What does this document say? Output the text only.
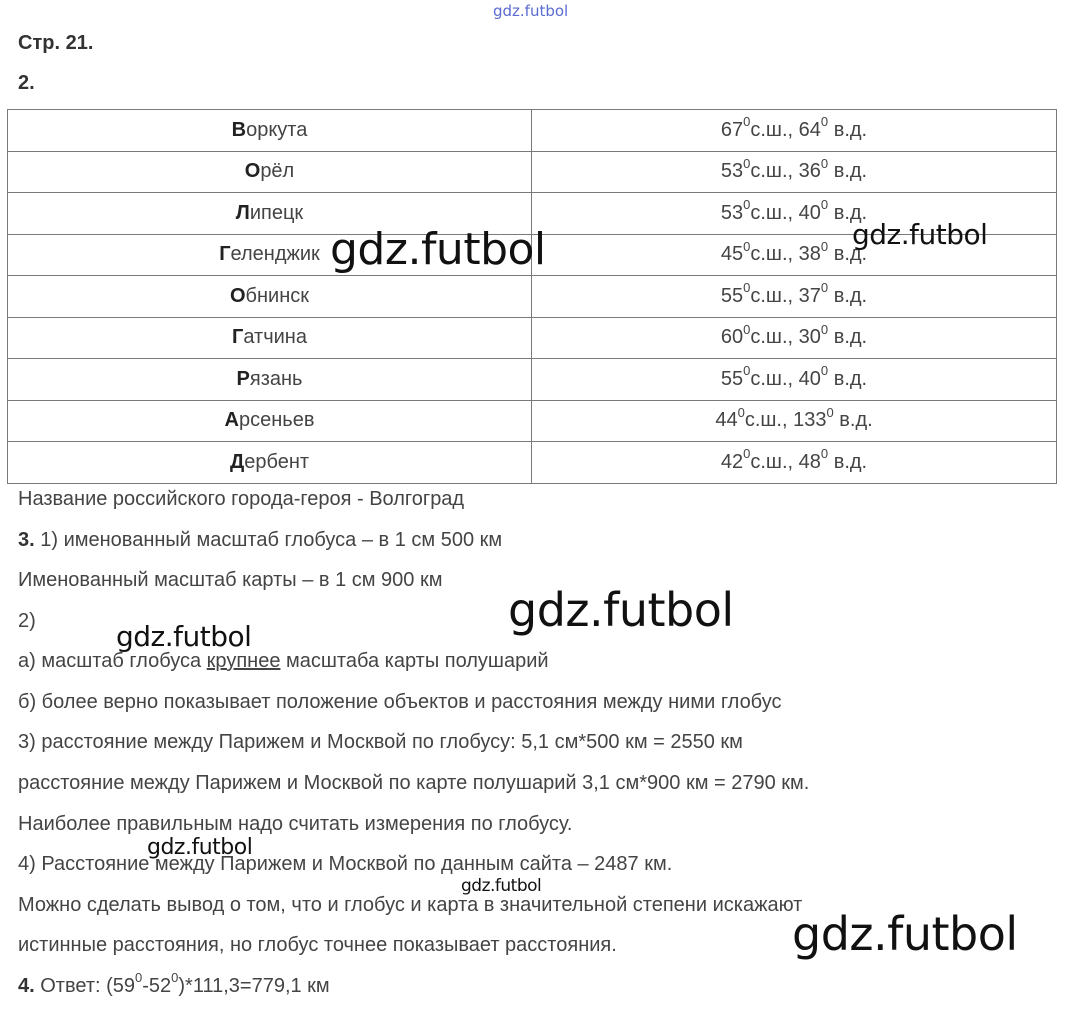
gdz.futbol
Стр. 21.
2.
Воркута	$67^0с.ш$., $64^0$ в.д.
Орёл	$53^0с.ш$., $36^0$ в.д.
Липецк	$53^0с.ш$., $40^0$ в.д.
Геленджик	$45^0с.ш$., $38^0$ в.д.
Обнинск	$55^0с.ш$., $37^0$ в.д.
Гатчина	$60^0с.ш$., $30^0$ в.д.
Рязань	$55^0с.ш$., $40^0$ в.д.
Арсеньев	$44^0с.ш$., $133^0$ в.д.
Дербент	$42^0с.ш$., $48^0$ в.д.
Название российского города-героя - Волгоград
3. 1) именованный масштаб глобуса – в 1 см 500 км
Именованный масштаб карты – в 1 см 900 км
2)
а) масштаб глобуса крупнее масштаба карты полушарий
б) более верно показывает положение объектов и расстояния между ними глобус
3) расстояние между Парижем и Москвой по глобусу: 5,1 см*500 км = 2550 км
расстояние между Парижем и Москвой по карте полушарий 3,1 см*900 км = 2790 км.
Наиболее правильным надо считать измерения по глобусу.
4) Расстояние между Парижем и Москвой по данным сайта – 2487 км.
Можно сделать вывод о том, что и глобус и карта в значительной степени искажают
истинные расстояния, но глобус точнее показывает расстояния.
4. Ответ: $(59^0-52^0)*111,3=779,1$ км
gdz.futbol	gdz.futbol
gdz.futbol
gdz.futbol
gdz.futbol
gdz.futbol
gdz.futbol
